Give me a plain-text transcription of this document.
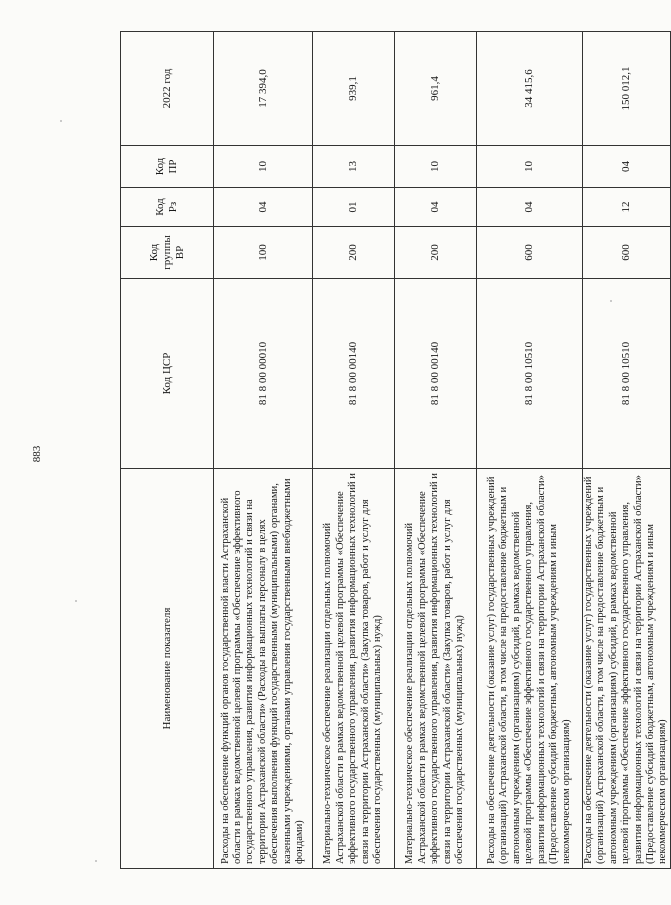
883
Наименование показателя	Код ЦСР	Код группы ВР	Код Рз	Код ПР	2022 год
Расходы на обеспечение функций органов государственной власти Астраханской области в рамках ведомственной целевой программы «Обеспечение эффективного государственного управления, развития информационных технологий и связи на территории Астраханской области» (Расходы на выплаты персоналу в целях обеспечения выполнения функций государственными (муниципальными) органами, казенными учреждениями, органами управления государственными внебюджетными фондами)	81 8 00 00010	100	04	10	17 394,0
Материально-техническое обеспечение реализации отдельных полномочий Астраханской области в рамках ведомственной целевой программы «Обеспечение эффективного государственного управления, развития информационных технологий и связи на территории Астраханской области» (Закупка товаров, работ и услуг для обеспечения государственных (муниципальных) нужд)	81 8 00 00140	200	01	13	939,1
Материально-техническое обеспечение реализации отдельных полномочий Астраханской области в рамках ведомственной целевой программы «Обеспечение эффективного государственного управления, развития информационных технологий и связи на территории Астраханской области» (Закупка товаров, работ и услуг для обеспечения государственных (муниципальных) нужд)	81 8 00 00140	200	04	10	961,4
Расходы на обеспечение деятельности (оказание услуг) государственных учреждений (организаций) Астраханской области, в том числе на предоставление бюджетным и автономным учреждениям (организациям) субсидий, в рамках ведомственной целевой программы «Обеспечение эффективного государственного управления, развития информационных технологий и связи на территории Астраханской области» (Предоставление субсидий бюджетным, автономным учреждениям и иным некоммерческим организациям)	81 8 00 10510	600	04	10	34 415,6
Расходы на обеспечение деятельности (оказание услуг) государственных учреждений (организаций) Астраханской области, в том числе на предоставление бюджетным и автономным учреждениям (организациям) субсидий, в рамках ведомственной целевой программы «Обеспечение эффективного государственного управления, развития информационных технологий и связи на территории Астраханской области» (Предоставление субсидий бюджетным, автономным учреждениям и иным некоммерческим организациям)	81 8 00 10510	600	12	04	150 012,1
